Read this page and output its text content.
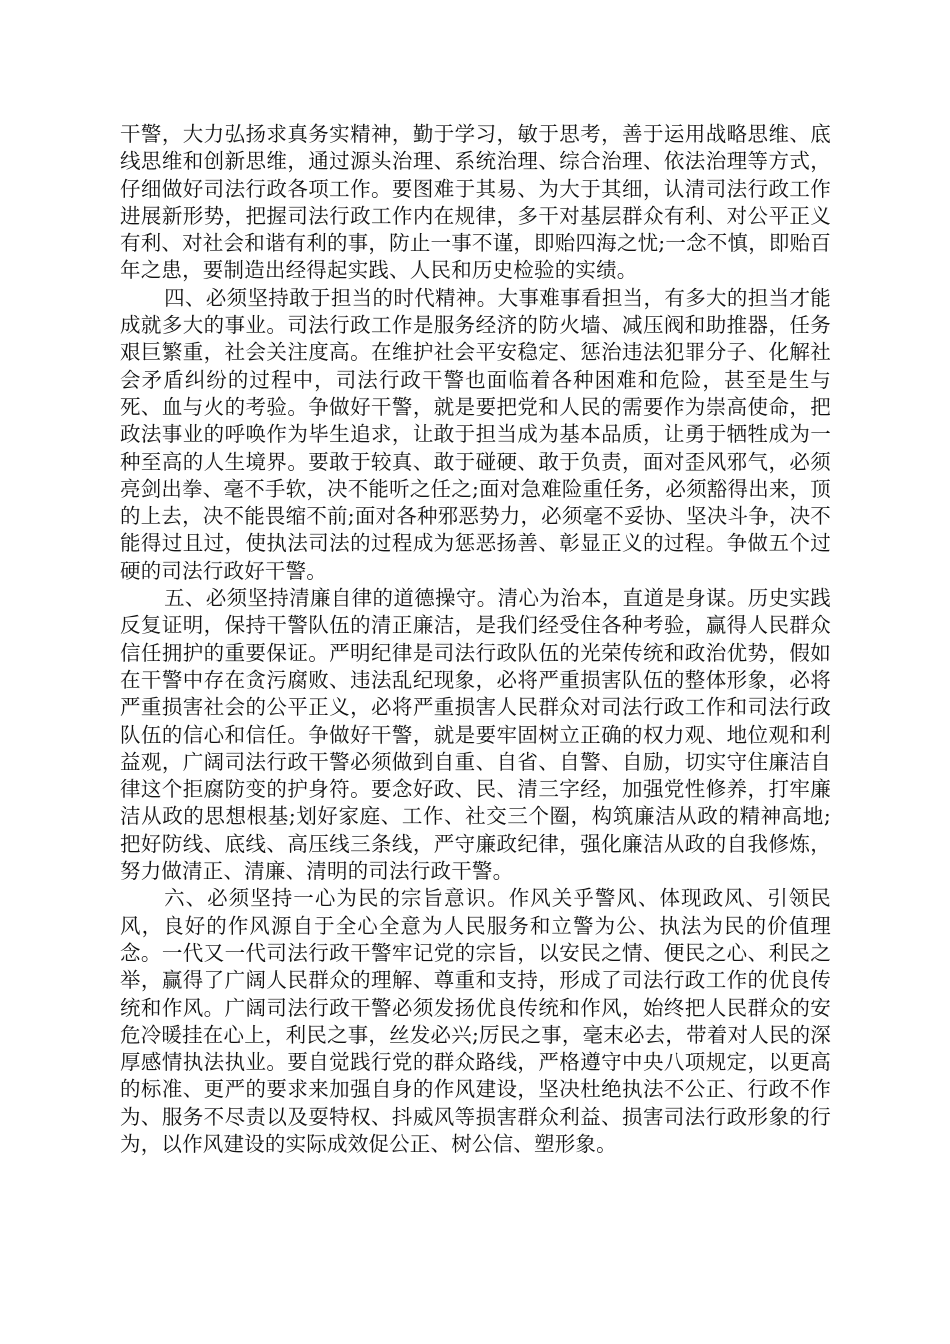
干警，大力弘扬求真务实精神，勤于学习，敏于思考，善于运用战略思维、底线思维和创新思维，通过源头治理、系统治理、综合治理、依法治理等方式，仔细做好司法行政各项工作。要图难于其易、为大于其细，认清司法行政工作进展新形势，把握司法行政工作内在规律，多干对基层群众有利、对公平正义有利、对社会和谐有利的事，防止一事不谨，即贻四海之忧;一念不慎，即贻百年之患，要制造出经得起实践、人民和历史检验的实绩。

四、必须坚持敢于担当的时代精神。大事难事看担当，有多大的担当才能成就多大的事业。司法行政工作是服务经济的防火墙、减压阀和助推器，任务艰巨繁重，社会关注度高。在维护社会平安稳定、惩治违法犯罪分子、化解社会矛盾纠纷的过程中，司法行政干警也面临着各种困难和危险，甚至是生与死、血与火的考验。争做好干警，就是要把党和人民的需要作为崇高使命，把政法事业的呼唤作为毕生追求，让敢于担当成为基本品质，让勇于牺牲成为一种至高的人生境界。要敢于较真、敢于碰硬、敢于负责，面对歪风邪气，必须亮剑出拳、毫不手软，决不能听之任之;面对急难险重任务，必须豁得出来，顶的上去，决不能畏缩不前;面对各种邪恶势力，必须毫不妥协、坚决斗争，决不能得过且过，使执法司法的过程成为惩恶扬善、彰显正义的过程。争做五个过硬的司法行政好干警。

五、必须坚持清廉自律的道德操守。清心为治本，直道是身谋。历史实践反复证明，保持干警队伍的清正廉洁，是我们经受住各种考验，赢得人民群众信任拥护的重要保证。严明纪律是司法行政队伍的光荣传统和政治优势，假如在干警中存在贪污腐败、违法乱纪现象，必将严重损害队伍的整体形象，必将严重损害社会的公平正义，必将严重损害人民群众对司法行政工作和司法行政队伍的信心和信任。争做好干警，就是要牢固树立正确的权力观、地位观和利益观，广阔司法行政干警必须做到自重、自省、自警、自励，切实守住廉洁自律这个拒腐防变的护身符。要念好政、民、清三字经，加强党性修养，打牢廉洁从政的思想根基;划好家庭、工作、社交三个圈，构筑廉洁从政的精神高地;把好防线、底线、高压线三条线，严守廉政纪律，强化廉洁从政的自我修炼，努力做清正、清廉、清明的司法行政干警。

六、必须坚持一心为民的宗旨意识。作风关乎警风、体现政风、引领民风，良好的作风源自于全心全意为人民服务和立警为公、执法为民的价值理念。一代又一代司法行政干警牢记党的宗旨，以安民之情、便民之心、利民之举，赢得了广阔人民群众的理解、尊重和支持，形成了司法行政工作的优良传统和作风。广阔司法行政干警必须发扬优良传统和作风，始终把人民群众的安危冷暖挂在心上，利民之事，丝发必兴;厉民之事，毫末必去，带着对人民的深厚感情执法执业。要自觉践行党的群众路线，严格遵守中央八项规定，以更高的标准、更严的要求来加强自身的作风建设，坚决杜绝执法不公正、行政不作为、服务不尽责以及耍特权、抖威风等损害群众利益、损害司法行政形象的行为，以作风建设的实际成效促公正、树公信、塑形象。
